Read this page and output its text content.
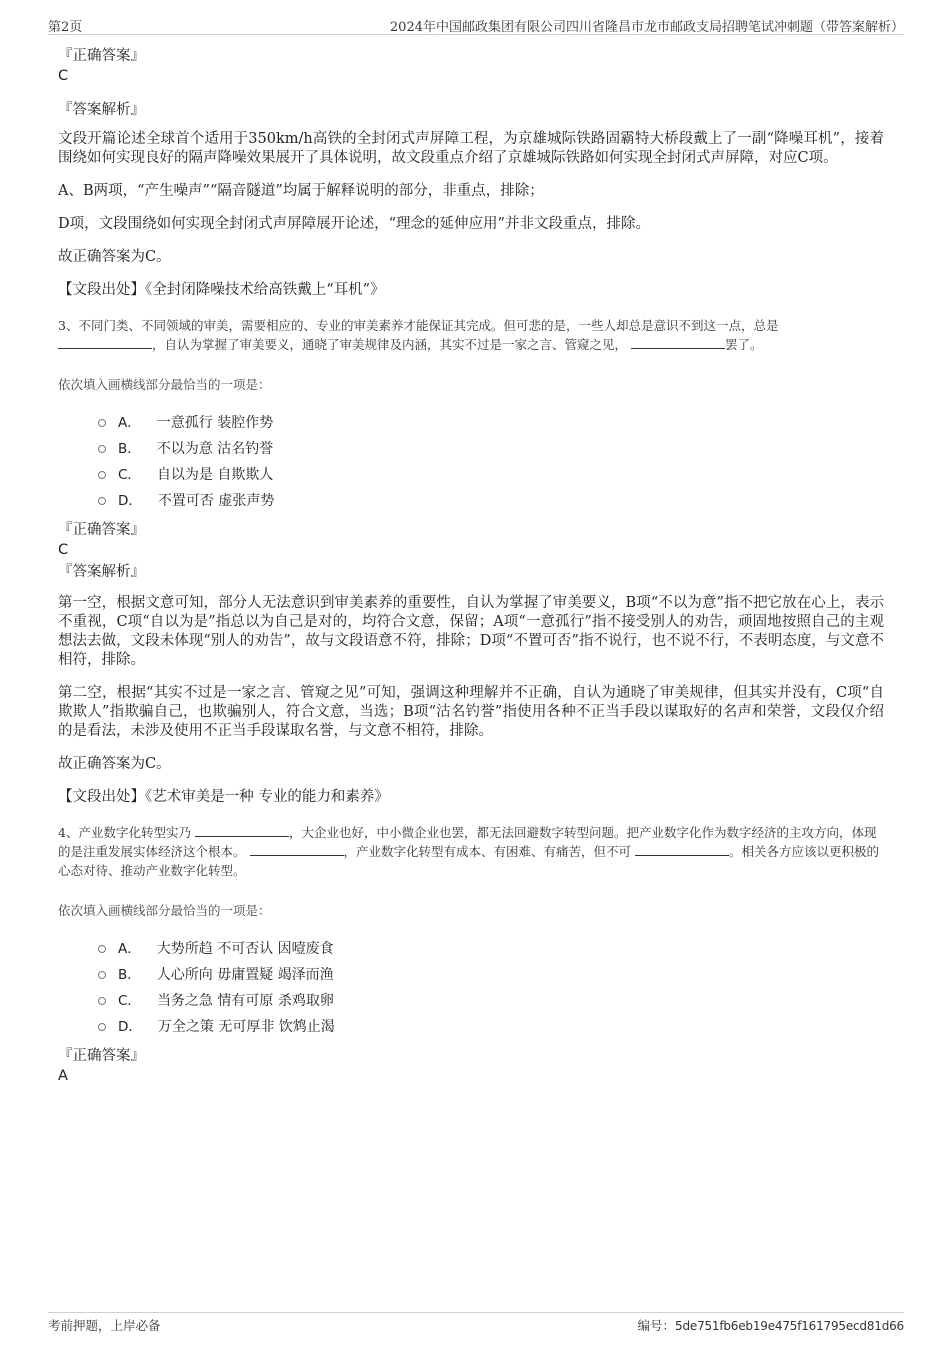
第2页	2024年中国邮政集团有限公司四川省隆昌市龙市邮政支局招聘笔试冲刺题（带答案解析）

『正确答案』

C

『答案解析』

文段开篇论述全球首个适用于350km/h高铁的全封闭式声屏障工程，为京雄城际铁路固霸特大桥段戴上了一副“降噪耳机”，接着围绕如何实现良好的隔声降噪效果展开了具体说明，故文段重点介绍了京雄城际铁路如何实现全封闭式声屏障，对应C项。

A、B两项，“产生噪声”“隔音隧道”均属于解释说明的部分，非重点，排除；

D项，文段围绕如何实现全封闭式声屏障展开论述，“理念的延伸应用”并非文段重点，排除。

故正确答案为C。

【文段出处】《全封闭降噪技术给高铁戴上“耳机”》

3、不同门类、不同领域的审美，需要相应的、专业的审美素养才能保证其完成。但可悲的是，一些人却总是意识不到这一点，总是
，自认为掌握了审美要义，通晓了审美规律及内涵，其实不过是一家之言、管窥之见，	罢了。

依次填入画横线部分最恰当的一项是：

A． 一意孤行 装腔作势
B． 不以为意 沽名钓誉
C． 自以为是 自欺欺人
D． 不置可否 虚张声势

『正确答案』

C

『答案解析』

第一空，根据文意可知，部分人无法意识到审美素养的重要性，自认为掌握了审美要义，B项“不以为意”指不把它放在心上，表示不重视，C项“自以为是”指总以为自己是对的，均符合文意，保留；A项“一意孤行”指不接受别人的劝告，顽固地按照自己的主观想法去做，文段未体现“别人的劝告”，故与文段语意不符，排除；D项“不置可否”指不说行，也不说不行，不表明态度，与文意不相符，排除。

第二空，根据“其实不过是一家之言、管窥之见”可知，强调这种理解并不正确，自认为通晓了审美规律，但其实并没有，C项“自欺欺人”指欺骗自己，也欺骗别人，符合文意，当选；B项“沽名钓誉”指使用各种不正当手段以谋取好的名声和荣誉，文段仅介绍的是看法，未涉及使用不正当手段谋取名誉，与文意不相符，排除。

故正确答案为C。

【文段出处】《艺术审美是一种 专业的能力和素养》

4、产业数字化转型实乃	，大企业也好，中小微企业也罢，都无法回避数字转型问题。把产业数字化作为数字经济的主攻方向，体现的是注重发展实体经济这个根本。	，产业数字化转型有成本、有困难、有痛苦，但不可	。相关各方应该以更积极的心态对待、推动产业数字化转型。

依次填入画横线部分最恰当的一项是：

A． 大势所趋 不可否认 因噎废食
B． 人心所向 毋庸置疑 竭泽而渔
C． 当务之急 情有可原 杀鸡取卵
D． 万全之策 无可厚非 饮鸩止渴

『正确答案』

A

考前押题，上岸必备	编号：5de751fb6eb19e475f161795ecd81d66
